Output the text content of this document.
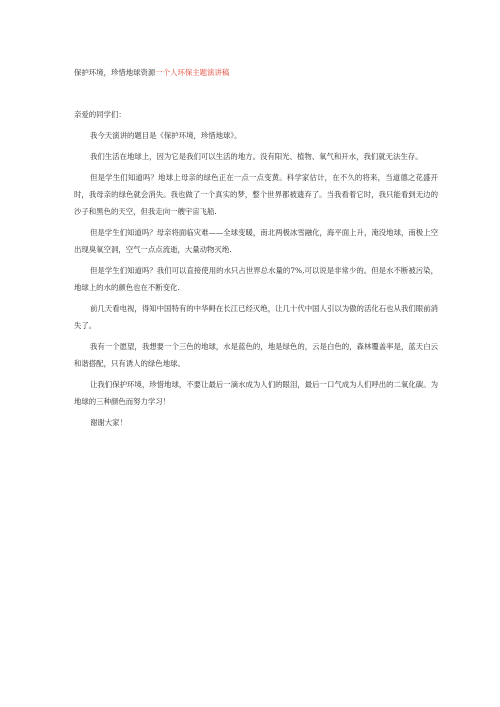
保护环境，珍惜地球资源一个人环保主题演讲稿

亲爱的同学们：

我今天演讲的题目是《保护环境，珍惜地球》。

我们生活在地球上，因为它是我们可以生活的地方。没有阳光、植物、氧气和开水，我们就无法生存。

但是学生们知道吗？地球上母亲的绿色正在一点一点变黄。科学家估计，在不久的将来，当道德之花盛开时，我母亲的绿色就会消失。我也做了一个真实的梦，整个世界都被遗弃了。当我看着它时，我只能看到无边的沙子和黑色的天空，但我走向一艘宇宙飞船.

但是学生们知道吗？母亲将面临灾难——全球变暖，南北两极冰雪融化，海平面上升，淹没地球，南极上空出现臭氧空洞，空气一点点流逝，大量动物灭绝.

但是学生们知道吗？我们可以直接使用的水只占世界总水量的7%,可以说是非常少的。但是水不断被污染，地球上的水的颜色也在不断变化.

前几天看电视，得知中国特有的中华鲟在长江已经灭绝，让几十代中国人引以为傲的活化石也从我们眼前消失了。

我有一个愿望，我想要一个三色的地球，水是蓝色的，地是绿色的，云是白色的，森林覆盖率是，蓝天白云和谐搭配，只有诱人的绿色地球。

让我们保护环境，珍惜地球，不要让最后一滴水成为人们的眼泪，最后一口气成为人们呼出的二氧化碳。为地球的三种颜色而努力学习！

谢谢大家！
